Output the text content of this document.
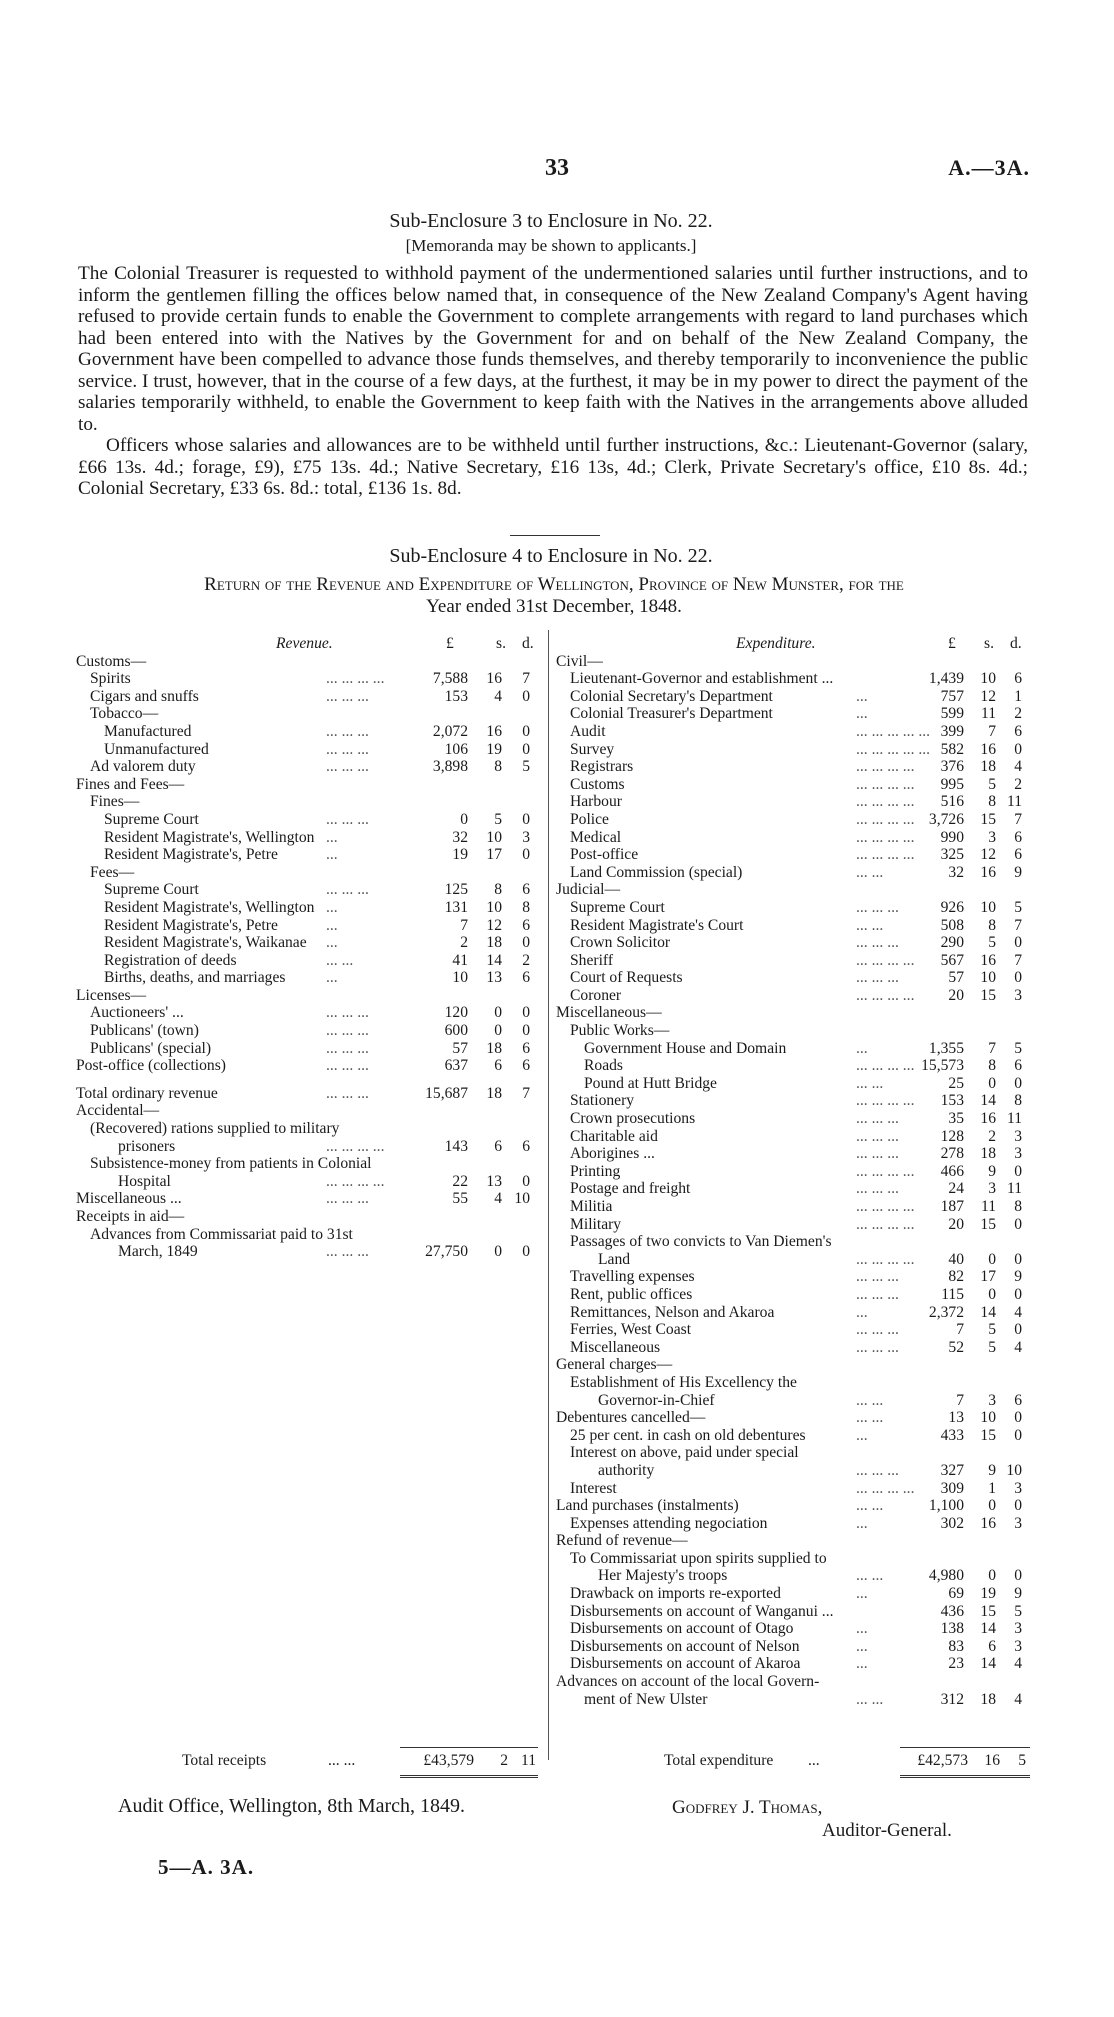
33	A.—3A.
Sub-Enclosure 3 to Enclosure in No. 22.
[Memoranda may be shown to applicants.]

The Colonial Treasurer is requested to withhold payment of the undermentioned salaries until further instructions, and to inform the gentlemen filling the offices below named that, in consequence of the New Zealand Company's Agent having refused to provide certain funds to enable the Government to complete arrangements with regard to land purchases which had been entered into with the Natives by the Government for and on behalf of the New Zealand Company, the Government have been compelled to advance those funds themselves, and thereby temporarily to inconvenience the public service. I trust, however, that in the course of a few days, at the furthest, it may be in my power to direct the payment of the salaries temporarily withheld, to enable the Government to keep faith with the Natives in the arrangements above alluded to.

Officers whose salaries and allowances are to be withheld until further instructions, &c.: Lieutenant-Governor (salary, £66 13s. 4d.; forage, £9), £75 13s. 4d.; Native Secretary, £16 13s, 4d.; Clerk, Private Secretary's office, £10 8s. 4d.; Colonial Secretary, £33 6s. 8d.: total, £136 1s. 8d.

Sub-Enclosure 4 to Enclosure in No. 22.
Return of the Revenue and Expenditure of Wellington, Province of New Munster, for the
Year ended 31st December, 1848.
Revenue.	£	s. d.
Customs—
Spirits	... ... ... ...	7,588	16	7
Cigars and snuffs	... ... ...	153	4	0
Tobacco—
Manufactured	... ... ...	2,072	16	0
Unmanufactured	... ... ...	106	19	0
Ad valorem duty	... ... ...	3,898	8	5
Fines and Fees—
Fines—
Supreme Court	... ... ...	0	5	0
Resident Magistrate's, Wellington ...	32	10	3
Resident Magistrate's, Petre	...	19	17	0
Fees—
Supreme Court	... ... ...	125	8	6
Resident Magistrate's, Wellington ...	131	10	8
Resident Magistrate's, Petre	...	7	12	6
Resident Magistrate's, Waikanae ...	2	18	0
Registration of deeds	... ...	41	14	2
Births, deaths, and marriages	...	10	13	6
Licenses—
Auctioneers' ...	... ... ...	120	0	0
Publicans' (town)	... ... ...	600	0	0
Publicans' (special)	... ... ...	57	18	6
Post-office (collections)	... ... ...	637	6	6
Total ordinary revenue	... ... ...	15,687	18	7
Accidental—
(Recovered) rations supplied to military
prisoners	... ... ... ...	143	6	6
Subsistence-money from patients in Colonial
Hospital	... ... ... ...	22	13	0
Miscellaneous ...	... ... ...	55	4 10
Receipts in aid—
Advances from Commissariat paid to 31st
March, 1849	... ... ...	27,750	0	0
Expenditure.	£ s. d.
Civil—
Lieutenant-Governor and establishment ...	1,439	10	6
Colonial Secretary's Department	...	757	12	1
Colonial Treasurer's Department	...	599	11	2
Audit	... ... ... ... ... 399	7	6
Survey	... ... ... ... ... 582	16	0
Registrars	... ... ... ...	376	18	4
Customs	... ... ... ...	995	5	2
Harbour	... ... ... ...	516	8 11
Police	... ... ... ... 3,726	15	7
Medical	... ... ... ...	990	3	6
Post-office	... ... ... ...	325	12	6
Land Commission (special)	... ...	32	16	9
Judicial—
Supreme Court	... ... ...	926	10	5
Resident Magistrate's Court	... ...	508	8	7
Crown Solicitor	... ... ...	290	5	0
Sheriff	... ... ... ...	567	16	7
Court of Requests	... ... ...	57	10	0
Coroner	... ... ... ...	20	15	3
Miscellaneous—
Public Works—
Government House and Domain	...	1,355	7	5
Roads	... ... ... ... 15,573	8	6
Pound at Hutt Bridge	... ...	25	0	0
Stationery	... ... ... ...	153	14	8
Crown prosecutions	... ... ...	35	16 11
Charitable aid	... ... ...	128	2	3
Aborigines ...	... ... ...	278	18	3
Printing	... ... ... ...	466	9	0
Postage and freight	... ... ...	24	3 11
Militia	... ... ... ...	187	11	8
Military	... ... ... ...	20	15	0
Passages of two convicts to Van Diemen's
Land	... ... ... ...	40	0	0
Travelling expenses	... ... ...	82	17	9
Rent, public offices	... ... ...	115	0	0
Remittances, Nelson and Akaroa	...	2,372	14	4
Ferries, West Coast	... ... ...	7	5	0
Miscellaneous	... ... ...	52	5	4
General charges—
Establishment of His Excellency the
Governor-in-Chief	... ...	7	3	6
Debentures cancelled—	... ...	13	10	0
25 per cent. in cash on old debentures	...	433	15	0
Interest on above, paid under special
authority	... ... ...	327	9 10
Interest	... ... ... ...	309	1	3
Land purchases (instalments)	... ...	1,100	0	0
Expenses attending negociation	...	302	16	3
Refund of revenue—
To Commissariat upon spirits supplied to
Her Majesty's troops	... ...	4,980	0	0
Drawback on imports re-exported	...	69	19	9
Disbursements on account of Wanganui ...	436	15	5
Disbursements on account of Otago	...	138	14	3
Disbursements on account of Nelson	...	83	6	3
Disbursements on account of Akaroa	...	23	14	4
Advances on account of the local Govern-
ment of New Ulster	... ...	312	18	4
Total receipts	... ...	£43,579	2 11	Total expenditure ...	£42,573	16	5
Audit Office, Wellington, 8th March, 1849.	Godfrey J. Thomas,
Auditor-General.
5—A. 3A.
